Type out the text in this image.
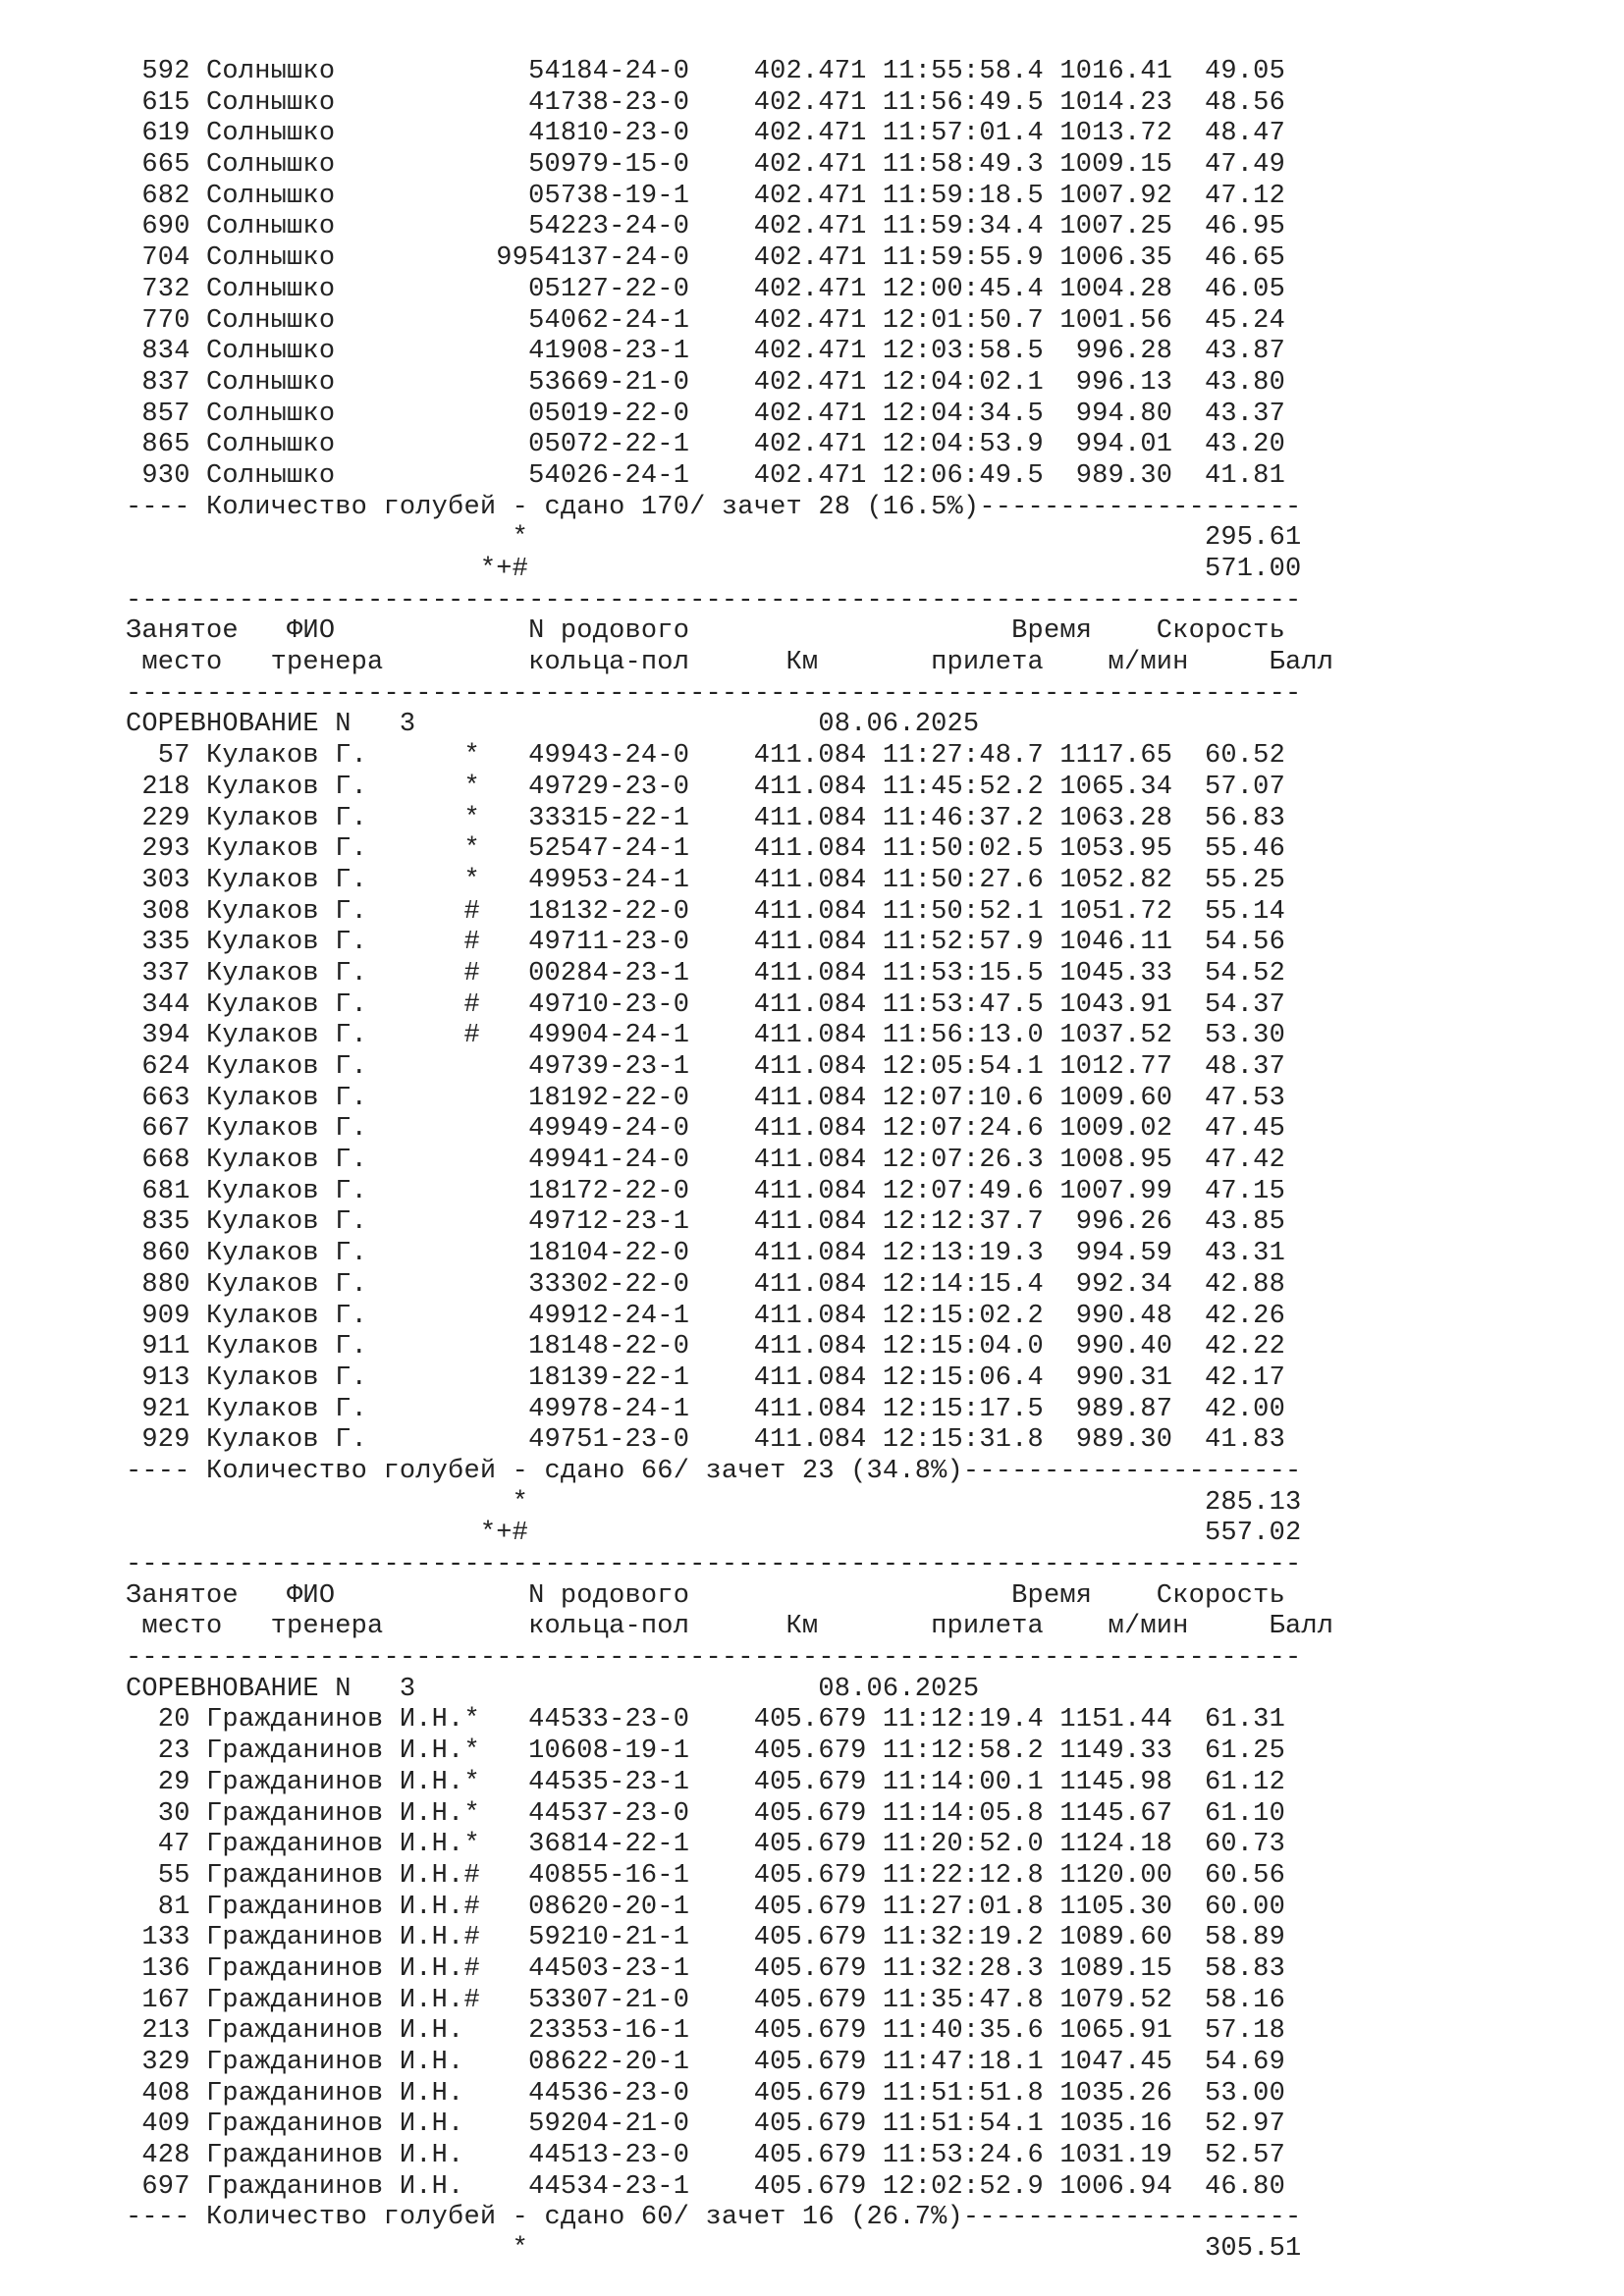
592 Солнышко            54184-24-0    402.471 11:55:58.4 1016.41  49.05
615 Солнышко            41738-23-0    402.471 11:56:49.5 1014.23  48.56
619 Солнышко            41810-23-0    402.471 11:57:01.4 1013.72  48.47
665 Солнышко            50979-15-0    402.471 11:58:49.3 1009.15  47.49
682 Солнышко            05738-19-1    402.471 11:59:18.5 1007.92  47.12
690 Солнышко            54223-24-0    402.471 11:59:34.4 1007.25  46.95
704 Солнышко          9954137-24-0    402.471 11:59:55.9 1006.35  46.65
732 Солнышко            05127-22-0    402.471 12:00:45.4 1004.28  46.05
770 Солнышко            54062-24-1    402.471 12:01:50.7 1001.56  45.24
834 Солнышко            41908-23-1    402.471 12:03:58.5  996.28  43.87
837 Солнышко            53669-21-0    402.471 12:04:02.1  996.13  43.80
857 Солнышко            05019-22-0    402.471 12:04:34.5  994.80  43.37
865 Солнышко            05072-22-1    402.471 12:04:53.9  994.01  43.20
930 Солнышко            54026-24-1    402.471 12:06:49.5  989.30  41.81
---- Количество голубей - сдано 170/ зачет 28 (16.5%)--------------------
*                                          295.61
*+#                                          571.00
-------------------------------------------------------------------------
Занятое   ФИО            N родового                    Время    Скорость
место   тренера         кольца-пол      Км       прилета    м/мин     Балл
-------------------------------------------------------------------------
СОРЕВНОВАНИЕ N   3                         08.06.2025
57 Кулаков Г.      *   49943-24-0    411.084 11:27:48.7 1117.65  60.52
218 Кулаков Г.      *   49729-23-0    411.084 11:45:52.2 1065.34  57.07
229 Кулаков Г.      *   33315-22-1    411.084 11:46:37.2 1063.28  56.83
293 Кулаков Г.      *   52547-24-1    411.084 11:50:02.5 1053.95  55.46
303 Кулаков Г.      *   49953-24-1    411.084 11:50:27.6 1052.82  55.25
308 Кулаков Г.      #   18132-22-0    411.084 11:50:52.1 1051.72  55.14
335 Кулаков Г.      #   49711-23-0    411.084 11:52:57.9 1046.11  54.56
337 Кулаков Г.      #   00284-23-1    411.084 11:53:15.5 1045.33  54.52
344 Кулаков Г.      #   49710-23-0    411.084 11:53:47.5 1043.91  54.37
394 Кулаков Г.      #   49904-24-1    411.084 11:56:13.0 1037.52  53.30
624 Кулаков Г.          49739-23-1    411.084 12:05:54.1 1012.77  48.37
663 Кулаков Г.          18192-22-0    411.084 12:07:10.6 1009.60  47.53
667 Кулаков Г.          49949-24-0    411.084 12:07:24.6 1009.02  47.45
668 Кулаков Г.          49941-24-0    411.084 12:07:26.3 1008.95  47.42
681 Кулаков Г.          18172-22-0    411.084 12:07:49.6 1007.99  47.15
835 Кулаков Г.          49712-23-1    411.084 12:12:37.7  996.26  43.85
860 Кулаков Г.          18104-22-0    411.084 12:13:19.3  994.59  43.31
880 Кулаков Г.          33302-22-0    411.084 12:14:15.4  992.34  42.88
909 Кулаков Г.          49912-24-1    411.084 12:15:02.2  990.48  42.26
911 Кулаков Г.          18148-22-0    411.084 12:15:04.0  990.40  42.22
913 Кулаков Г.          18139-22-1    411.084 12:15:06.4  990.31  42.17
921 Кулаков Г.          49978-24-1    411.084 12:15:17.5  989.87  42.00
929 Кулаков Г.          49751-23-0    411.084 12:15:31.8  989.30  41.83
---- Количество голубей - сдано 66/ зачет 23 (34.8%)---------------------
*                                          285.13
*+#                                          557.02
-------------------------------------------------------------------------
Занятое   ФИО            N родового                    Время    Скорость
место   тренера         кольца-пол      Км       прилета    м/мин     Балл
-------------------------------------------------------------------------
СОРЕВНОВАНИЕ N   3                         08.06.2025
20 Гражданинов И.Н.*   44533-23-0    405.679 11:12:19.4 1151.44  61.31
23 Гражданинов И.Н.*   10608-19-1    405.679 11:12:58.2 1149.33  61.25
29 Гражданинов И.Н.*   44535-23-1    405.679 11:14:00.1 1145.98  61.12
30 Гражданинов И.Н.*   44537-23-0    405.679 11:14:05.8 1145.67  61.10
47 Гражданинов И.Н.*   36814-22-1    405.679 11:20:52.0 1124.18  60.73
55 Гражданинов И.Н.#   40855-16-1    405.679 11:22:12.8 1120.00  60.56
81 Гражданинов И.Н.#   08620-20-1    405.679 11:27:01.8 1105.30  60.00
133 Гражданинов И.Н.#   59210-21-1    405.679 11:32:19.2 1089.60  58.89
136 Гражданинов И.Н.#   44503-23-1    405.679 11:32:28.3 1089.15  58.83
167 Гражданинов И.Н.#   53307-21-0    405.679 11:35:47.8 1079.52  58.16
213 Гражданинов И.Н.    23353-16-1    405.679 11:40:35.6 1065.91  57.18
329 Гражданинов И.Н.    08622-20-1    405.679 11:47:18.1 1047.45  54.69
408 Гражданинов И.Н.    44536-23-0    405.679 11:51:51.8 1035.26  53.00
409 Гражданинов И.Н.    59204-21-0    405.679 11:51:54.1 1035.16  52.97
428 Гражданинов И.Н.    44513-23-0    405.679 11:53:24.6 1031.19  52.57
697 Гражданинов И.Н.    44534-23-1    405.679 12:02:52.9 1006.94  46.80
---- Количество голубей - сдано 60/ зачет 16 (26.7%)---------------------
*                                          305.51
